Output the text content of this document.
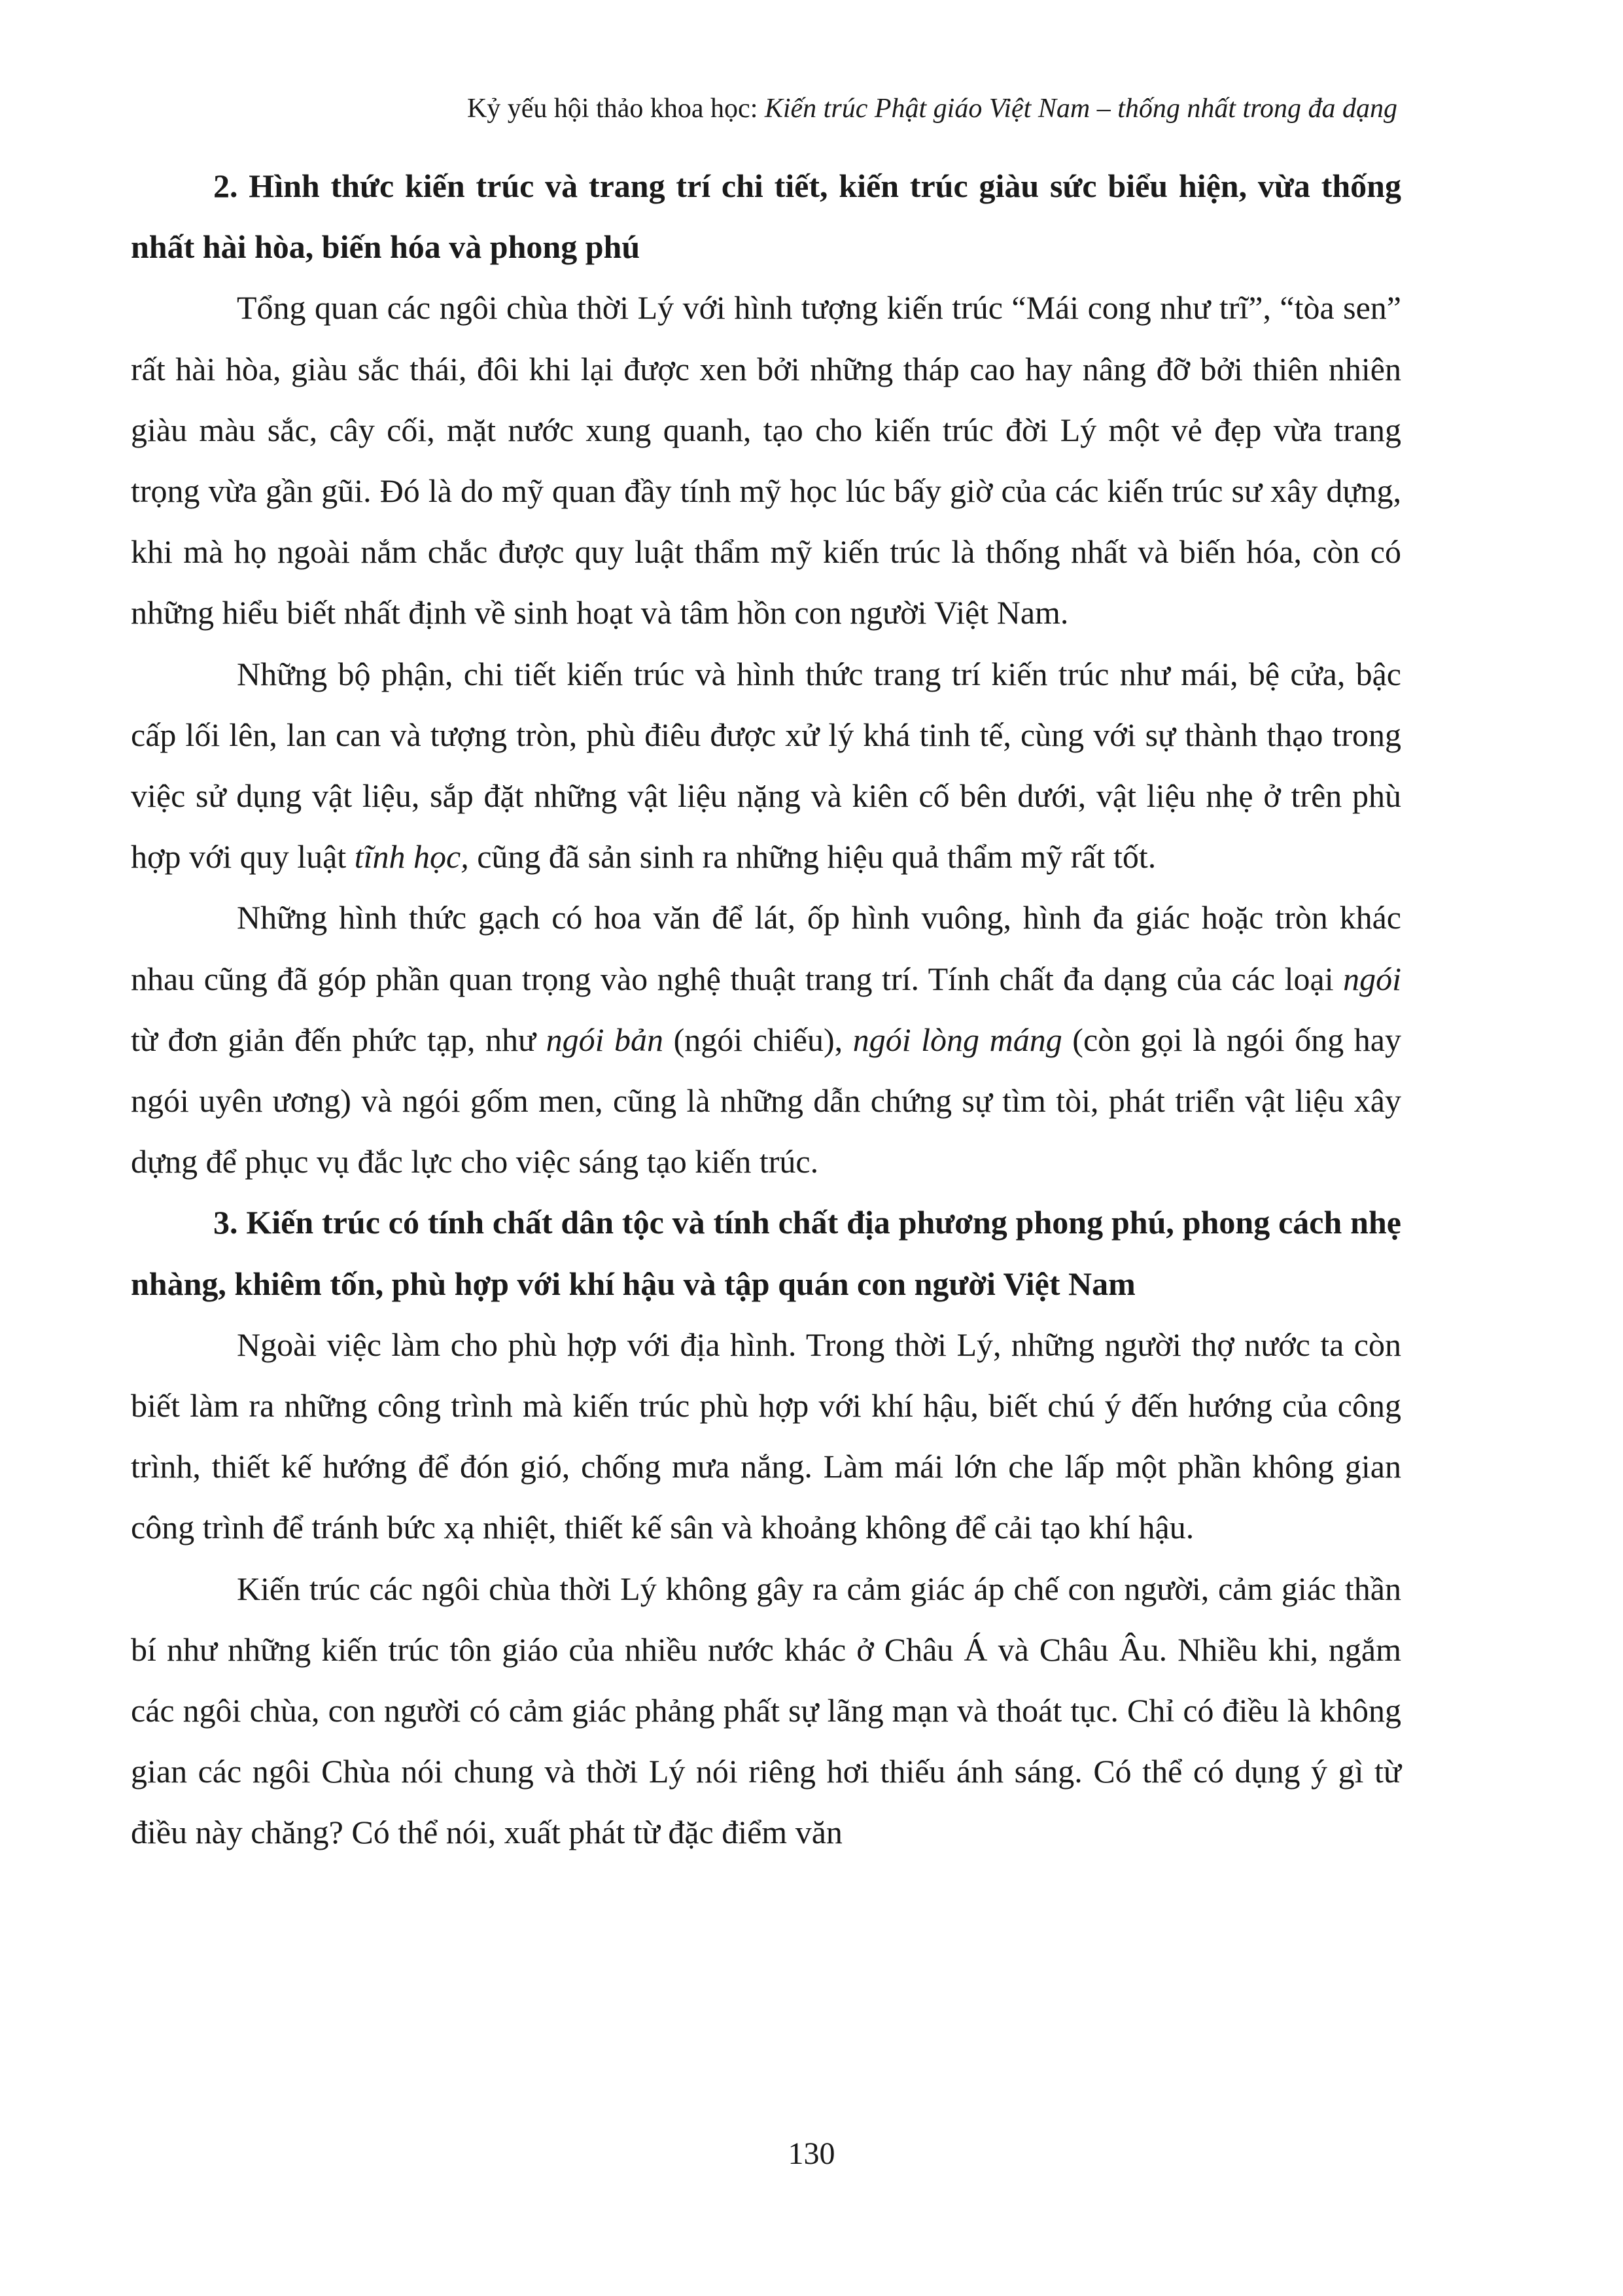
Kỷ yếu hội thảo khoa học: Kiến trúc Phật giáo Việt Nam – thống nhất trong đa dạng

2. Hình thức kiến trúc và trang trí chi tiết, kiến trúc giàu sức biểu hiện, vừa thống nhất hài hòa, biến hóa và phong phú

Tổng quan các ngôi chùa thời Lý với hình tượng kiến trúc “Mái cong như trĩ”, “tòa sen” rất hài hòa, giàu sắc thái, đôi khi lại được xen bởi những tháp cao hay nâng đỡ bởi thiên nhiên giàu màu sắc, cây cối, mặt nước xung quanh, tạo cho kiến trúc đời Lý một vẻ đẹp vừa trang trọng vừa gần gũi. Đó là do mỹ quan đầy tính mỹ học lúc bấy giờ của các kiến trúc sư xây dựng, khi mà họ ngoài nắm chắc được quy luật thẩm mỹ kiến trúc là thống nhất và biến hóa, còn có những hiểu biết nhất định về sinh hoạt và tâm hồn con người Việt Nam.

Những bộ phận, chi tiết kiến trúc và hình thức trang trí kiến trúc như mái, bệ cửa, bậc cấp lối lên, lan can và tượng tròn, phù điêu được xử lý khá tinh tế, cùng với sự thành thạo trong việc sử dụng vật liệu, sắp đặt những vật liệu nặng và kiên cố bên dưới, vật liệu nhẹ ở trên phù hợp với quy luật tĩnh học, cũng đã sản sinh ra những hiệu quả thẩm mỹ rất tốt.

Những hình thức gạch có hoa văn để lát, ốp hình vuông, hình đa giác hoặc tròn khác nhau cũng đã góp phần quan trọng vào nghệ thuật trang trí. Tính chất đa dạng của các loại ngói từ đơn giản đến phức tạp, như ngói bản (ngói chiếu), ngói lòng máng (còn gọi là ngói ống hay ngói uyên ương) và ngói gốm men, cũng là những dẫn chứng sự tìm tòi, phát triển vật liệu xây dựng để phục vụ đắc lực cho việc sáng tạo kiến trúc.

3. Kiến trúc có tính chất dân tộc và tính chất địa phương phong phú, phong cách nhẹ nhàng, khiêm tốn, phù hợp với khí hậu và tập quán con người Việt Nam

Ngoài việc làm cho phù hợp với địa hình. Trong thời Lý, những người thợ nước ta còn biết làm ra những công trình mà kiến trúc phù hợp với khí hậu, biết chú ý đến hướng của công trình, thiết kế hướng để đón gió, chống mưa nắng. Làm mái lớn che lấp một phần không gian công trình để tránh bức xạ nhiệt, thiết kế sân và khoảng không để cải tạo khí hậu.

Kiến trúc các ngôi chùa thời Lý không gây ra cảm giác áp chế con người, cảm giác thần bí như những kiến trúc tôn giáo của nhiều nước khác ở Châu Á và Châu Âu. Nhiều khi, ngắm các ngôi chùa, con người có cảm giác phảng phất sự lãng mạn và thoát tục. Chỉ có điều là không gian các ngôi Chùa nói chung và thời Lý nói riêng hơi thiếu ánh sáng. Có thể có dụng ý gì từ điều này chăng? Có thể nói, xuất phát từ đặc điểm văn

130
